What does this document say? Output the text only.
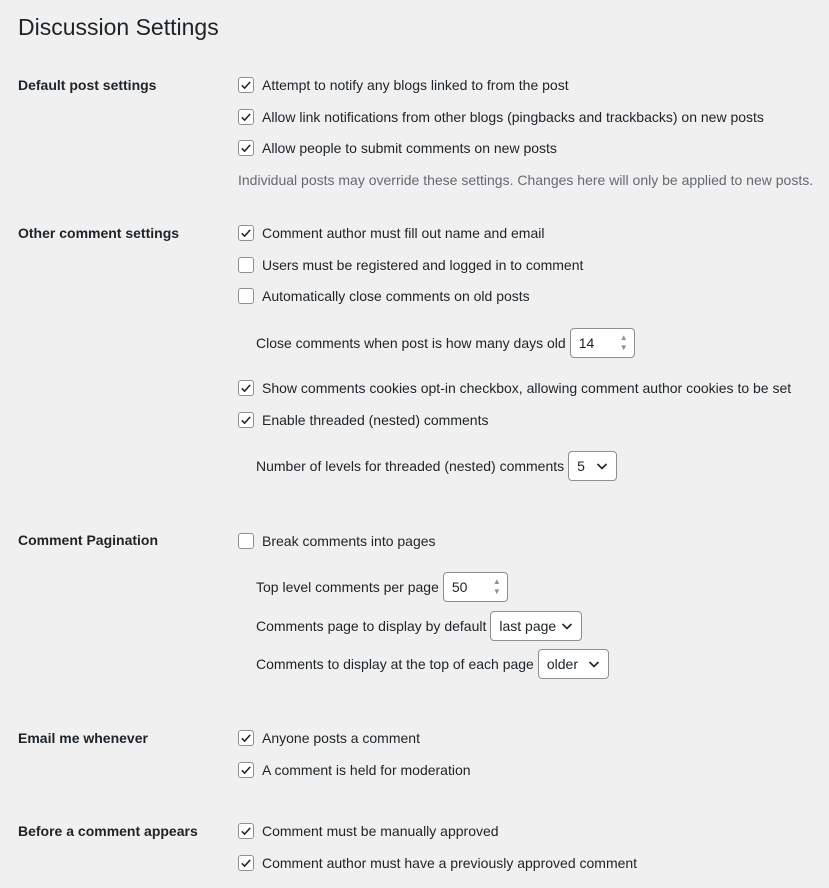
Discussion Settings
Default post settings	Attempt to notify any blogs linked to from the post
Allow link notifications from other blogs (pingbacks and trackbacks) on new posts
Allow people to submit comments on new posts
Individual posts may override these settings. Changes here will only be applied to new posts.
Other comment settings	Comment author must fill out name and email
Users must be registered and logged in to comment
Automatically close comments on old posts
Close comments when post is how many days old 14	▲
▼
Show comments cookies opt-in checkbox, allowing comment author cookies to be set
Enable threaded (nested) comments
Number of levels for threaded (nested) comments 5
Comment Pagination	Break comments into pages
Top level comments per page 50	▲
▼
Comments page to display by default last page
Comments to display at the top of each page older
Email me whenever	Anyone posts a comment
A comment is held for moderation
Before a comment appears	Comment must be manually approved
Comment author must have a previously approved comment
